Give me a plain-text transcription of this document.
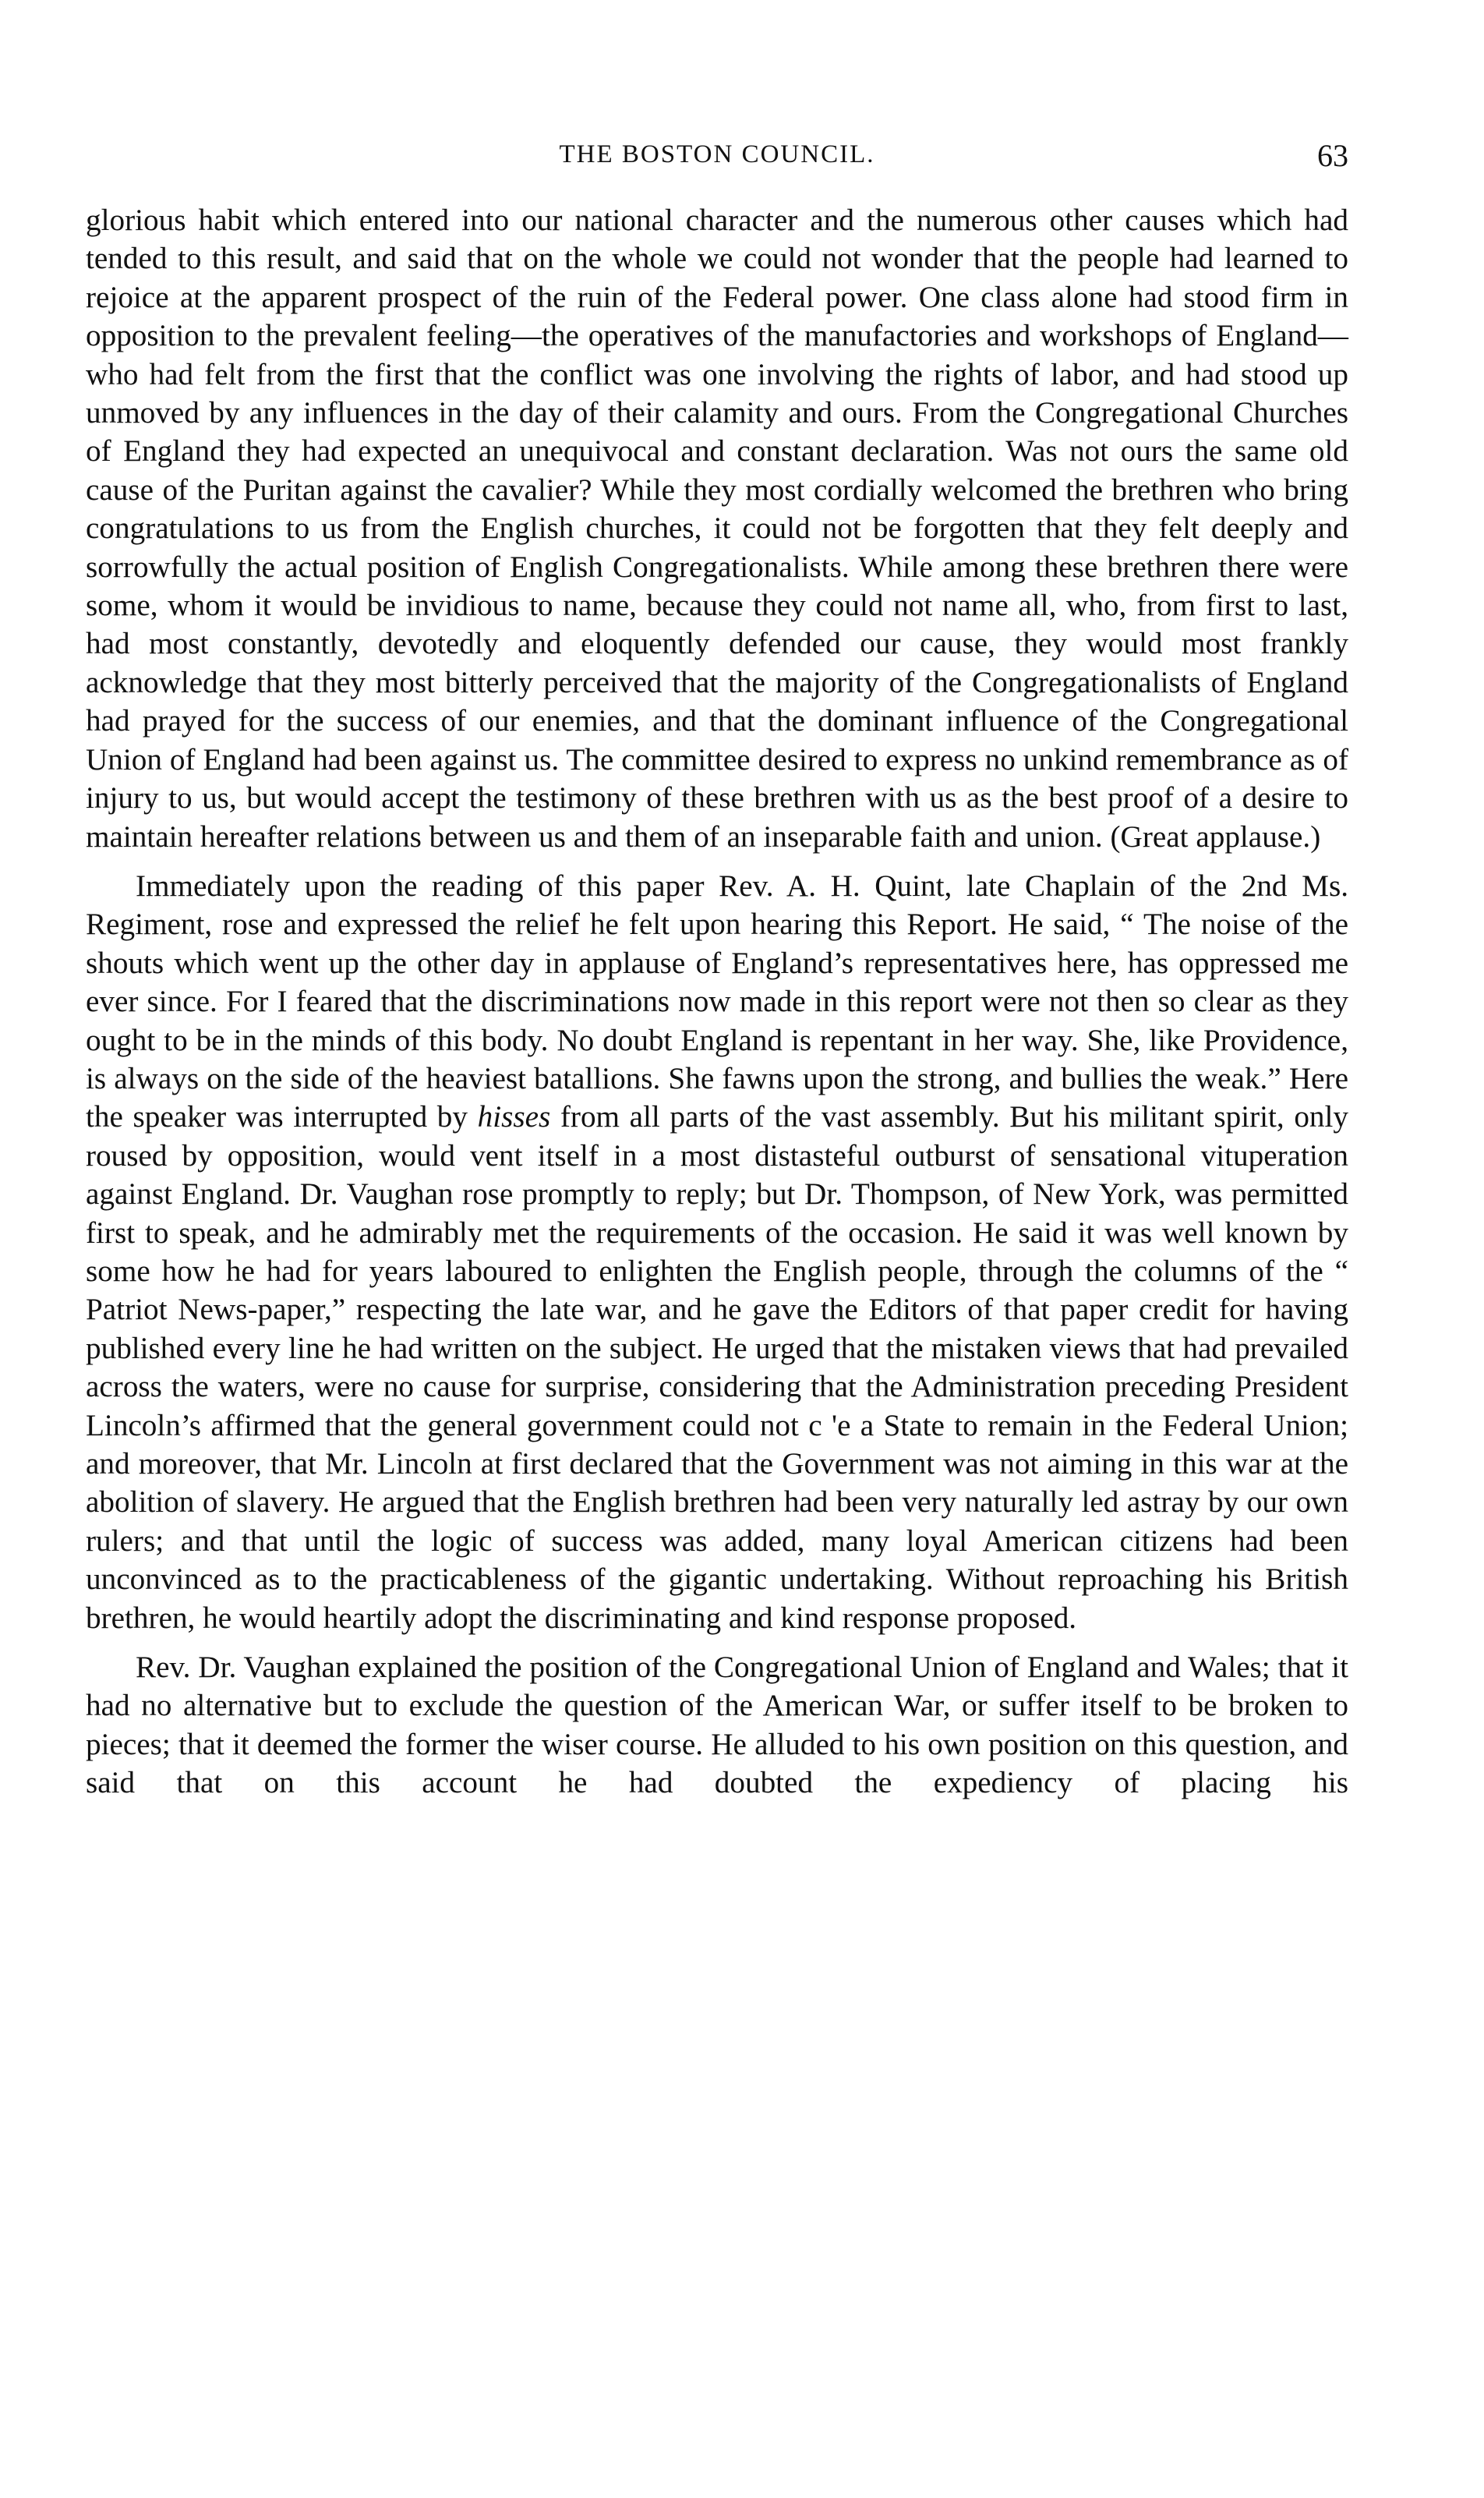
THE BOSTON COUNCIL.	63

glorious habit which entered into our national character and the numerous other causes which had tended to this result, and said that on the whole we could not wonder that the people had learned to rejoice at the apparent prospect of the ruin of the Federal power. One class alone had stood firm in opposition to the prevalent feeling—the operatives of the manufactories and workshops of England—who had felt from the first that the conflict was one involving the rights of labor, and had stood up unmoved by any influences in the day of their calamity and ours. From the Congregational Churches of England they had expected an unequivocal and constant declaration. Was not ours the same old cause of the Puritan against the cavalier? While they most cordially welcomed the brethren who bring congratulations to us from the English churches, it could not be forgotten that they felt deeply and sorrowfully the actual position of English Congregationalists. While among these brethren there were some, whom it would be invidious to name, because they could not name all, who, from first to last, had most constantly, devotedly and eloquently defended our cause, they would most frankly acknowledge that they most bitterly perceived that the majority of the Congregationalists of England had prayed for the success of our enemies, and that the dominant influence of the Congregational Union of England had been against us. The committee desired to express no unkind remembrance as of injury to us, but would accept the testimony of these brethren with us as the best proof of a desire to maintain hereafter relations between us and them of an inseparable faith and union. (Great applause.)

Immediately upon the reading of this paper Rev. A. H. Quint, late Chaplain of the 2nd Ms. Regiment, rose and expressed the relief he felt upon hearing this Report. He said, “ The noise of the shouts which went up the other day in applause of England’s representatives here, has oppressed me ever since. For I feared that the discriminations now made in this report were not then so clear as they ought to be in the minds of this body. No doubt England is repentant in her way. She, like Providence, is always on the side of the heaviest batallions. She fawns upon the strong, and bullies the weak.” Here the speaker was interrupted by hisses from all parts of the vast assembly. But his militant spirit, only roused by opposition, would vent itself in a most distasteful outburst of sensational vituperation against England. Dr. Vaughan rose promptly to reply; but Dr. Thompson, of New York, was permitted first to speak, and he admirably met the requirements of the occasion. He said it was well known by some how he had for years laboured to enlighten the English people, through the columns of the “ Patriot News-paper,” respecting the late war, and he gave the Editors of that paper credit for having published every line he had written on the subject. He urged that the mistaken views that had prevailed across the waters, were no cause for surprise, considering that the Administration preceding President Lincoln’s affirmed that the general government could not c 'e a State to remain in the Federal Union; and moreover, that Mr. Lincoln at first declared that the Government was not aiming in this war at the abolition of slavery. He argued that the English brethren had been very naturally led astray by our own rulers; and that until the logic of success was added, many loyal American citizens had been unconvinced as to the practicableness of the gigantic undertaking. Without reproaching his British brethren, he would heartily adopt the discriminating and kind response proposed.

Rev. Dr. Vaughan explained the position of the Congregational Union of England and Wales; that it had no alternative but to exclude the question of the American War, or suffer itself to be broken to pieces; that it deemed the former the wiser course. He alluded to his own position on this question, and said that on this account he had doubted the expediency of placing his
